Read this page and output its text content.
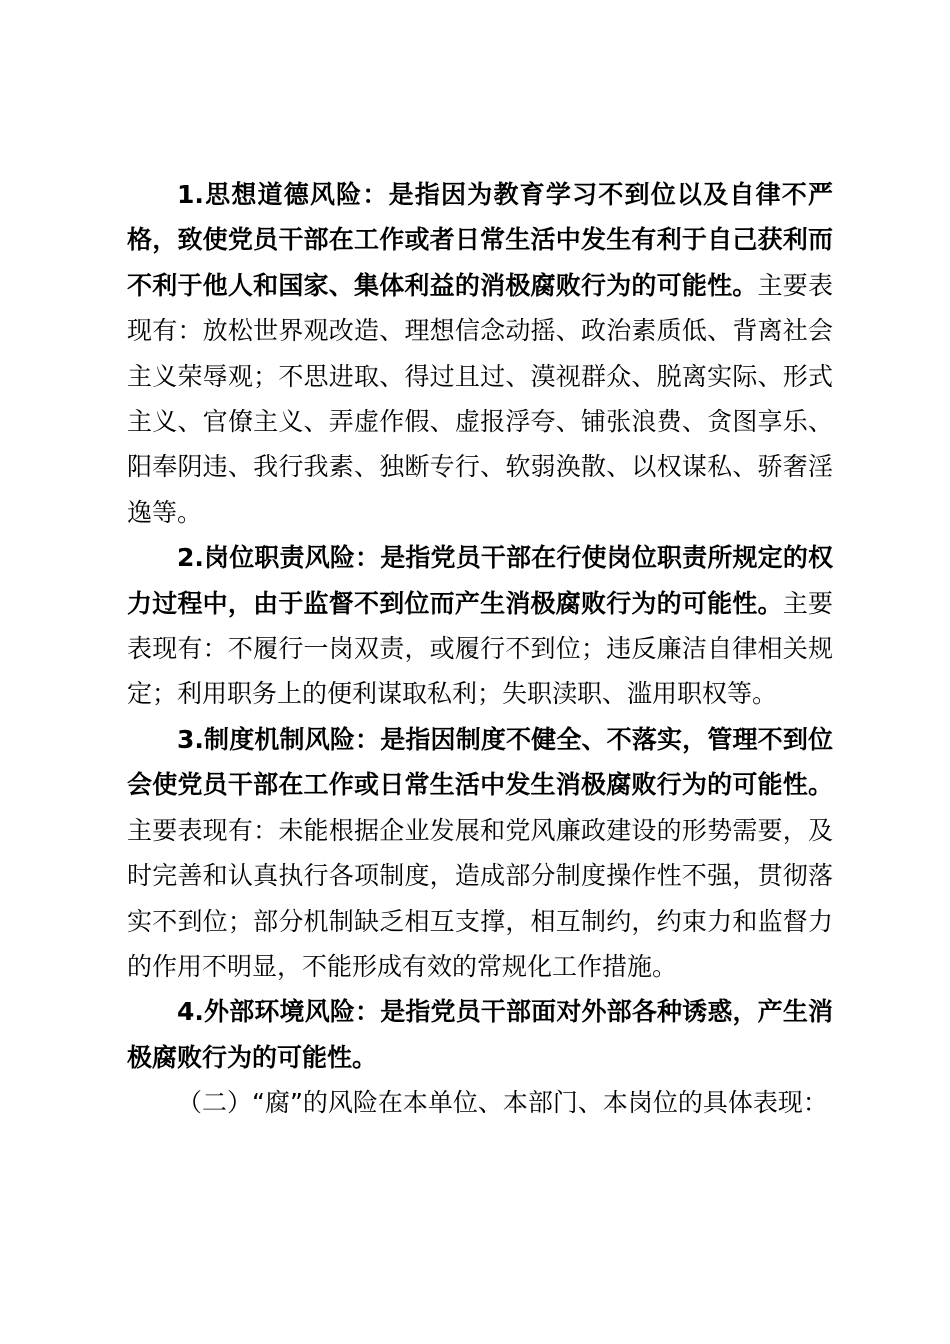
1.思想道德风险：是指因为教育学习不到位以及自律不严格，致使党员干部在工作或者日常生活中发生有利于自己获利而不利于他人和国家、集体利益的消极腐败行为的可能性。主要表现有：放松世界观改造、理想信念动摇、政治素质低、背离社会主义荣辱观；不思进取、得过且过、漠视群众、脱离实际、形式主义、官僚主义、弄虚作假、虚报浮夸、铺张浪费、贪图享乐、阳奉阴违、我行我素、独断专行、软弱涣散、以权谋私、骄奢淫逸等。

2.岗位职责风险：是指党员干部在行使岗位职责所规定的权力过程中，由于监督不到位而产生消极腐败行为的可能性。主要表现有：不履行一岗双责，或履行不到位；违反廉洁自律相关规定；利用职务上的便利谋取私利；失职渎职、滥用职权等。

3.制度机制风险：是指因制度不健全、不落实，管理不到位会使党员干部在工作或日常生活中发生消极腐败行为的可能性。主要表现有：未能根据企业发展和党风廉政建设的形势需要，及时完善和认真执行各项制度，造成部分制度操作性不强，贯彻落实不到位；部分机制缺乏相互支撑，相互制约，约束力和监督力的作用不明显，不能形成有效的常规化工作措施。

4.外部环境风险：是指党员干部面对外部各种诱惑，产生消极腐败行为的可能性。

（二）“腐”的风险在本单位、本部门、本岗位的具体表现：
